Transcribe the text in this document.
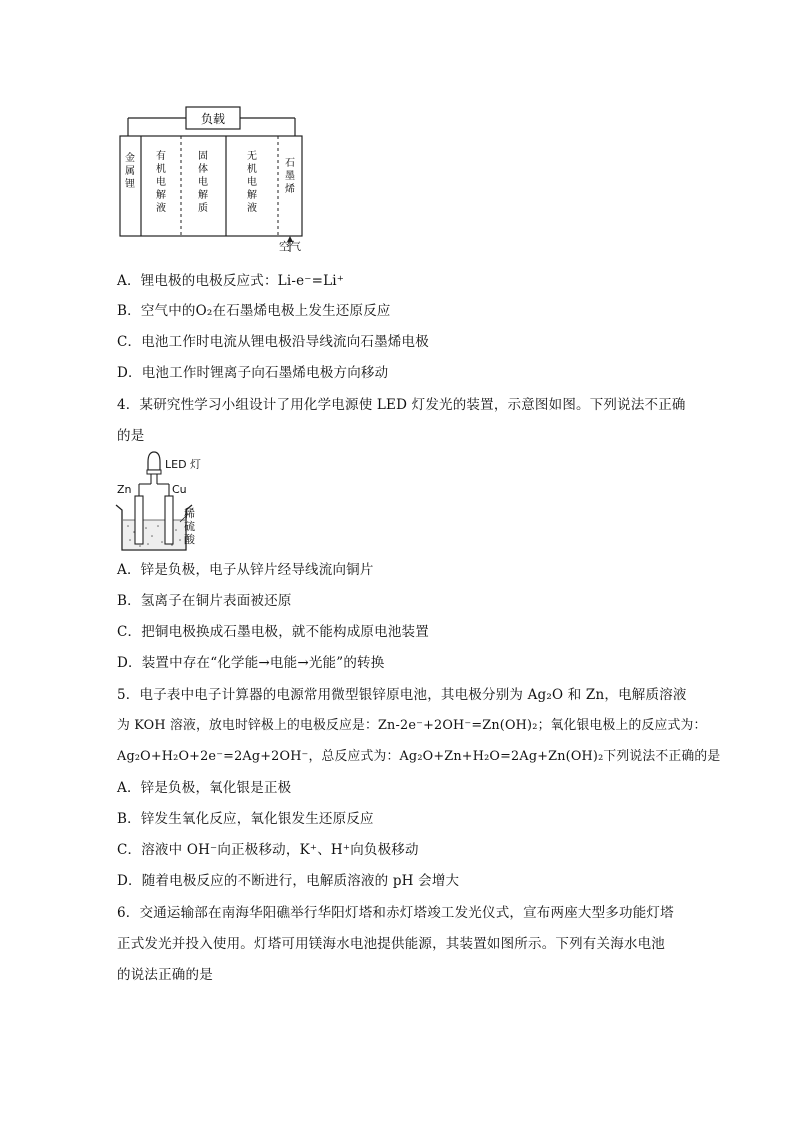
负载
金属锂
有机电解液
固体电解质
无机电解液
石墨烯
空气
A．锂电极的电极反应式：Li-e⁻=Li⁺
B．空气中的O₂在石墨烯电极上发生还原反应
C．电池工作时电流从锂电极沿导线流向石墨烯电极
D．电池工作时锂离子向石墨烯电极方向移动
4．某研究性学习小组设计了用化学电源使 LED 灯发光的装置，示意图如图。下列说法不正确
的是
LED 灯
Zn	Cu
稀
硫
酸
A．锌是负极，电子从锌片经导线流向铜片
B．氢离子在铜片表面被还原
C．把铜电极换成石墨电极，就不能构成原电池装置
D．装置中存在“化学能→电能→光能”的转换
5．电子表中电子计算器的电源常用微型银锌原电池，其电极分别为 Ag₂O 和 Zn，电解质溶液
为 KOH 溶液，放电时锌极上的电极反应是：Zn-2e⁻+2OH⁻=Zn(OH)₂；氧化银电极上的反应式为：
Ag₂O+H₂O+2e⁻=2Ag+2OH⁻，总反应式为：Ag₂O+Zn+H₂O=2Ag+Zn(OH)₂下列说法不正确的是
A．锌是负极，氧化银是正极
B．锌发生氧化反应，氧化银发生还原反应
C．溶液中 OH⁻向正极移动，K⁺、H⁺向负极移动
D．随着电极反应的不断进行，电解质溶液的 pH 会增大
6．交通运输部在南海华阳礁举行华阳灯塔和赤灯塔竣工发光仪式，宣布两座大型多功能灯塔
正式发光并投入使用。灯塔可用镁海水电池提供能源，其装置如图所示。下列有关海水电池
的说法正确的是
